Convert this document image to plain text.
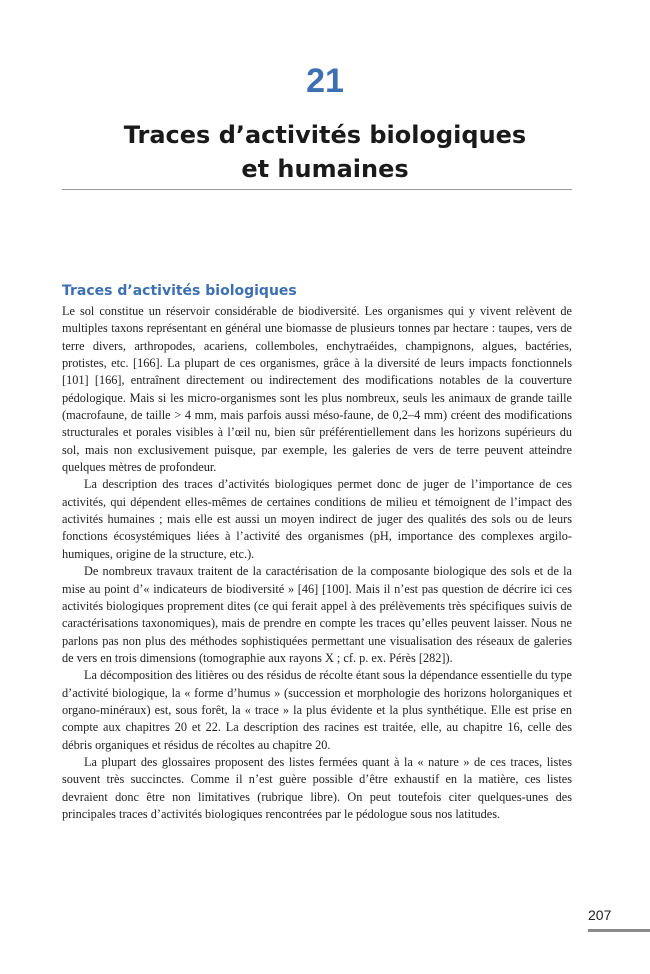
21
Traces d’activités biologiques
et humaines
Traces d’activités biologiques

Le sol constitue un réservoir considérable de biodiversité. Les organismes qui y vivent relèvent de multiples taxons représentant en général une biomasse de plusieurs tonnes par hectare : taupes, vers de terre divers, arthropodes, acariens, collemboles, enchytraéides, champignons, algues, bactéries, protistes, etc. [166]. La plupart de ces organismes, grâce à la diversité de leurs impacts fonctionnels [101] [166], entraînent directement ou indirectement des modifications notables de la couverture pédologique. Mais si les micro-organismes sont les plus nombreux, seuls les animaux de grande taille (macrofaune, de taille > 4 mm, mais parfois aussi méso-faune, de 0,2–4 mm) créent des modifications structurales et porales visibles à l’œil nu, bien sûr préférentiellement dans les horizons supérieurs du sol, mais non exclusivement puisque, par exemple, les galeries de vers de terre peuvent atteindre quelques mètres de profondeur.

La description des traces d’activités biologiques permet donc de juger de l’importance de ces activités, qui dépendent elles-mêmes de certaines conditions de milieu et témoignent de l’impact des activités humaines ; mais elle est aussi un moyen indirect de juger des qualités des sols ou de leurs fonctions écosystémiques liées à l’activité des organismes (pH, importance des complexes argilo-humiques, origine de la structure, etc.).

De nombreux travaux traitent de la caractérisation de la composante biologique des sols et de la mise au point d’« indicateurs de biodiversité » [46] [100]. Mais il n’est pas question de décrire ici ces activités biologiques proprement dites (ce qui ferait appel à des prélèvements très spécifiques suivis de caractérisations taxonomiques), mais de prendre en compte les traces qu’elles peuvent laisser. Nous ne parlons pas non plus des méthodes sophistiquées permettant une visualisation des réseaux de galeries de vers en trois dimensions (tomographie aux rayons X ; cf. p. ex. Pérès [282]).

La décomposition des litières ou des résidus de récolte étant sous la dépendance essentielle du type d’activité biologique, la « forme d’humus » (succession et morphologie des horizons holorganiques et organo-minéraux) est, sous forêt, la « trace » la plus évidente et la plus synthétique. Elle est prise en compte aux chapitres 20 et 22. La description des racines est traitée, elle, au chapitre 16, celle des débris organiques et résidus de récoltes au chapitre 20.

La plupart des glossaires proposent des listes fermées quant à la « nature » de ces traces, listes souvent très succinctes. Comme il n’est guère possible d’être exhaustif en la matière, ces listes devraient donc être non limitatives (rubrique libre). On peut toutefois citer quelques-unes des principales traces d’activités biologiques rencontrées par le pédologue sous nos latitudes.

207
